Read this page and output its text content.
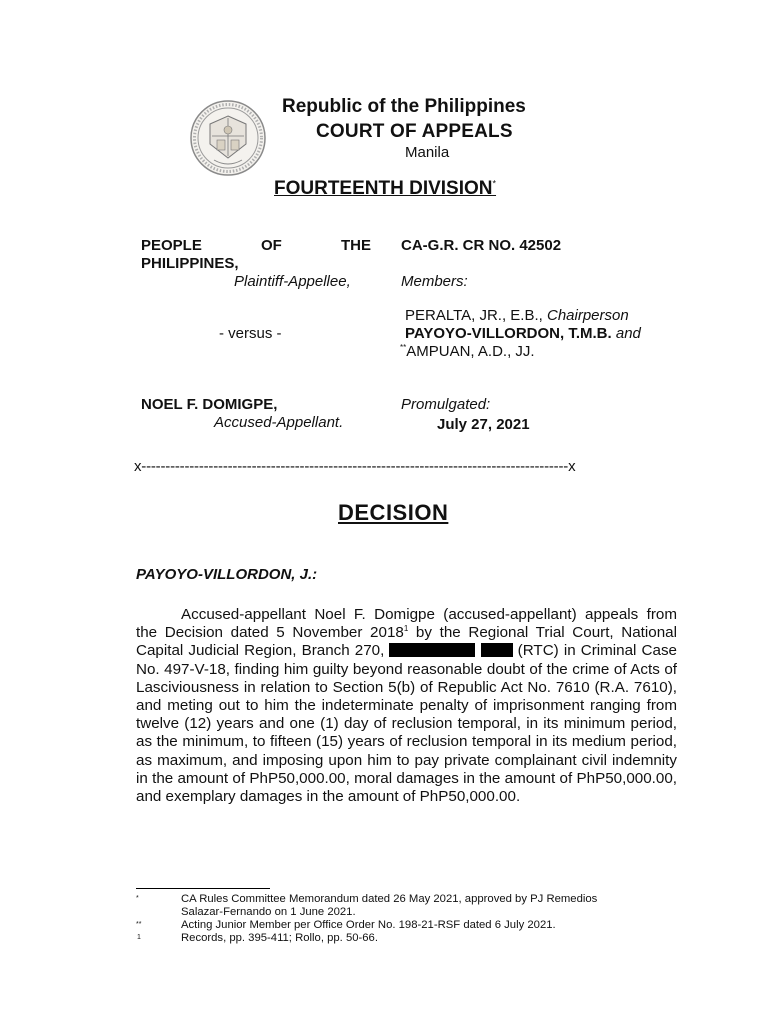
Republic of the Philippines
COURT OF APPEALS
Manila
FOURTEENTH DIVISION*
PEOPLE	OF	THE
PHILIPPINES,
Plaintiff-Appellee,
- versus -
NOEL F. DOMIGPE,
Accused-Appellant.
CA-G.R. CR NO. 42502
Members:
PERALTA, JR., E.B., Chairperson
PAYOYO-VILLORDON, T.M.B. and
**AMPUAN, A.D., JJ.
Promulgated:
July 27, 2021
x-----------------------------------------------------------------------------------------x
DECISION
PAYOYO-VILLORDON, J.:
Accused-appellant Noel F. Domigpe (accused-appellant) appeals from the Decision dated 5 November 2018$^1$ by the Regional Trial Court, National Capital Judicial Region, Branch 270,	(RTC) in Criminal Case No. 497-V-18, finding him guilty beyond reasonable doubt of the crime of Acts of Lasciviousness in relation to Section 5(b) of Republic Act No. 7610 (R.A. 7610), and meting out to him the indeterminate penalty of imprisonment ranging from twelve (12) years and one (1) day of reclusion temporal, in its minimum period, as the minimum, to fifteen (15) years of reclusion temporal in its medium period, as maximum, and imposing upon him to pay private complainant civil indemnity in the amount of PhP50,000.00, moral damages in the amount of PhP50,000.00, and exemplary damages in the amount of PhP50,000.00.
*	CA Rules Committee Memorandum dated 26 May 2021, approved by PJ Remedios
Salazar-Fernando on 1 June 2021.
**	Acting Junior Member per Office Order No. 198-21-RSF dated 6 July 2021.
1	Records, pp. 395-411; Rollo, pp. 50-66.
